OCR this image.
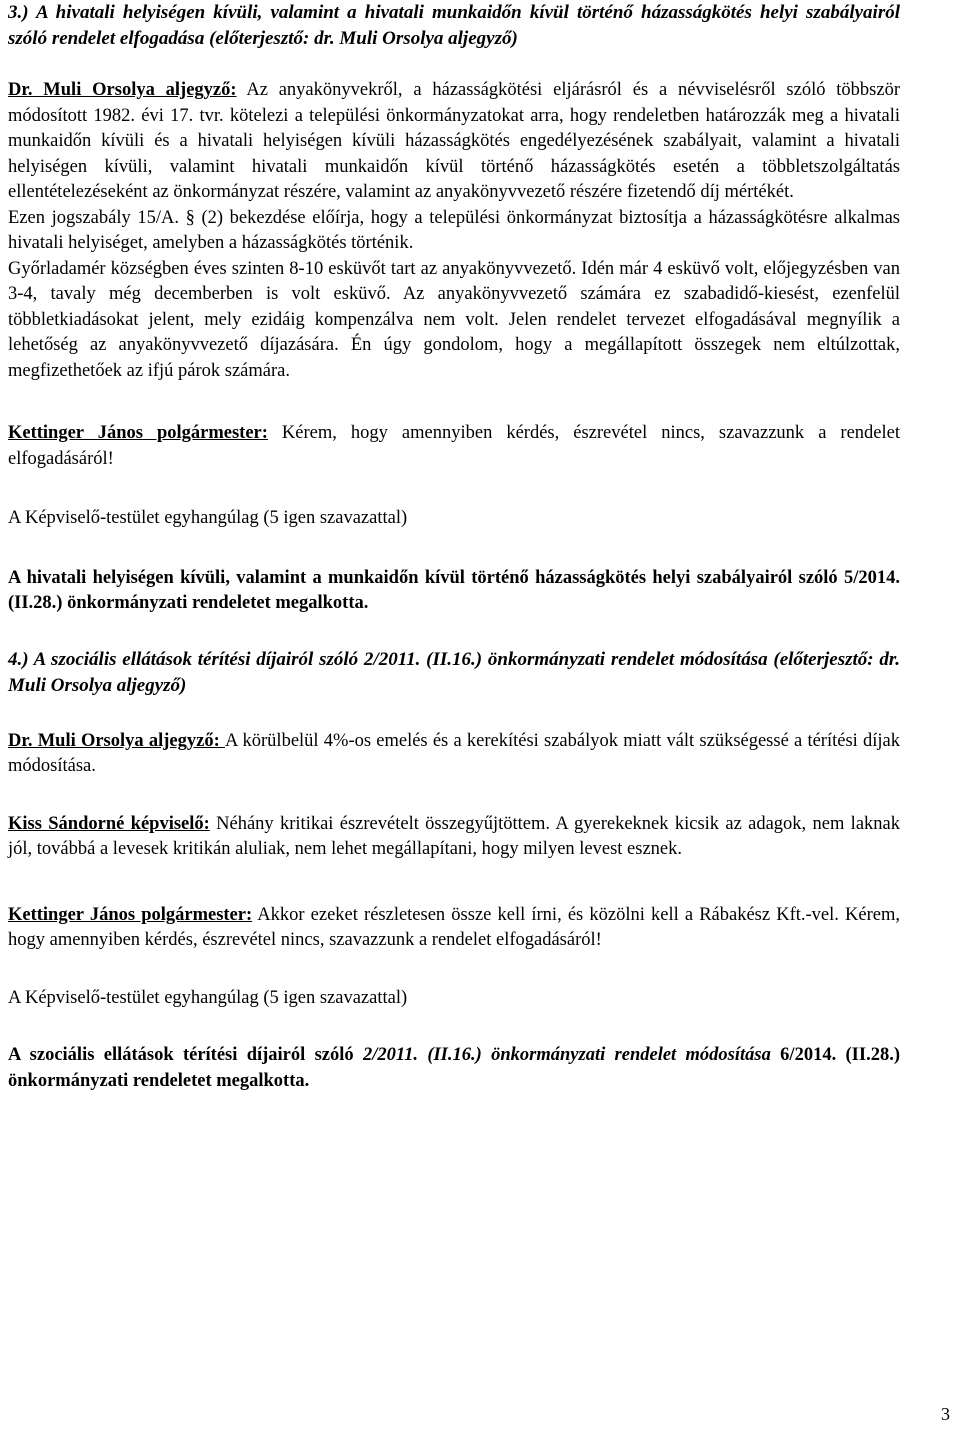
3.) A hivatali helyiségen kívüli, valamint a hivatali munkaidőn kívül történő házasságkötés helyi szabályairól szóló rendelet elfogadása (előterjesztő: dr. Muli Orsolya aljegyző)

Dr. Muli Orsolya aljegyző: Az anyakönyvekről, a házasságkötési eljárásról és a névviselésről szóló többször módosított 1982. évi 17. tvr. kötelezi a települési önkormányzatokat arra, hogy rendeletben határozzák meg a hivatali munkaidőn kívüli és a hivatali helyiségen kívüli házasságkötés engedélyezésének szabályait, valamint a hivatali helyiségen kívüli, valamint hivatali munkaidőn kívül történő házasságkötés esetén a többletszolgáltatás ellentételezéseként az önkormányzat részére, valamint az anyakönyvvezető részére fizetendő díj mértékét.

Ezen jogszabály 15/A. § (2) bekezdése előírja, hogy a települési önkormányzat biztosítja a házasságkötésre alkalmas hivatali helyiséget, amelyben a házasságkötés történik.

Győrladamér községben éves szinten 8-10 esküvőt tart az anyakönyvvezető. Idén már 4 esküvő volt, előjegyzésben van 3-4, tavaly még decemberben is volt esküvő. Az anyakönyvvezető számára ez szabadidő-kiesést, ezenfelül többletkiadásokat jelent, mely ezidáig kompenzálva nem volt. Jelen rendelet tervezet elfogadásával megnyílik a lehetőség az anyakönyvvezető díjazására. Én úgy gondolom, hogy a megállapított összegek nem eltúlzottak, megfizethetőek az ifjú párok számára.

Kettinger János polgármester: Kérem, hogy amennyiben kérdés, észrevétel nincs, szavazzunk a rendelet elfogadásáról!

A Képviselő-testület egyhangúlag (5 igen szavazattal)

A hivatali helyiségen kívüli, valamint a munkaidőn kívül történő házasságkötés helyi szabályairól szóló 5/2014.(II.28.) önkormányzati rendeletet megalkotta.

4.) A szociális ellátások térítési díjairól szóló 2/2011. (II.16.) önkormányzati rendelet módosítása (előterjesztő: dr. Muli Orsolya aljegyző)

Dr. Muli Orsolya aljegyző: A körülbelül 4%-os emelés és a kerekítési szabályok miatt vált szükségessé a térítési díjak módosítása.

Kiss Sándorné képviselő: Néhány kritikai észrevételt összegyűjtöttem. A gyerekeknek kicsik az adagok, nem laknak jól, továbbá a levesek kritikán aluliak, nem lehet megállapítani, hogy milyen levest esznek.

Kettinger János polgármester: Akkor ezeket részletesen össze kell írni, és közölni kell a Rábakész Kft.-vel. Kérem, hogy amennyiben kérdés, észrevétel nincs, szavazzunk a rendelet elfogadásáról!

A Képviselő-testület egyhangúlag (5 igen szavazattal)

A szociális ellátások térítési díjairól szóló 2/2011. (II.16.) önkormányzati rendelet módosítása 6/2014. (II.28.) önkormányzati rendeletet megalkotta.

3
